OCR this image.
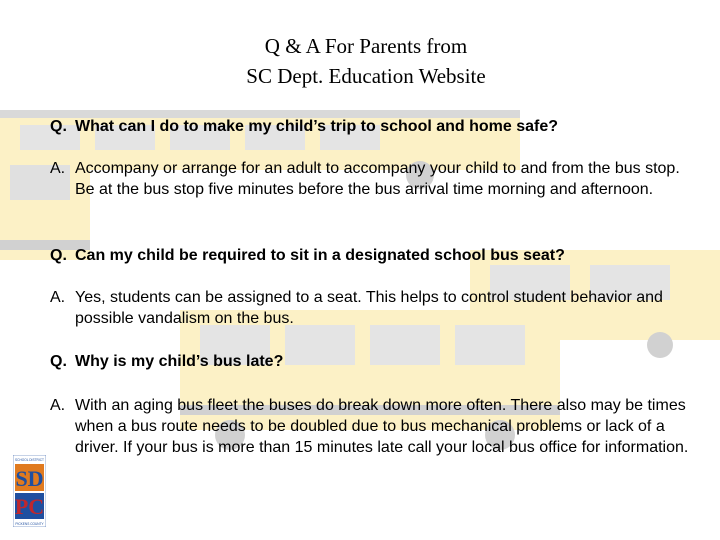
Q & A For Parents from
SC Dept. Education Website
Q. What can I do to make my child’s trip to school and home safe?
A. Accompany or arrange for an adult to accompany your child to and from the bus stop. Be at the bus stop five minutes before the bus arrival time morning and afternoon.
Q. Can my child be required to sit in a designated school bus seat?
A. Yes, students can be assigned to a seat. This helps to control student behavior and possible vandalism on the bus.
Q. Why is my child’s bus late?
A. With an aging bus fleet the buses do break down more often. There also may be times when a bus route needs to be doubled due to bus mechanical problems or lack of a driver. If your bus is more than 15 minutes late call your local bus office for information.
SCHOOL DISTRICT
SD
PC
PICKENS COUNTY
